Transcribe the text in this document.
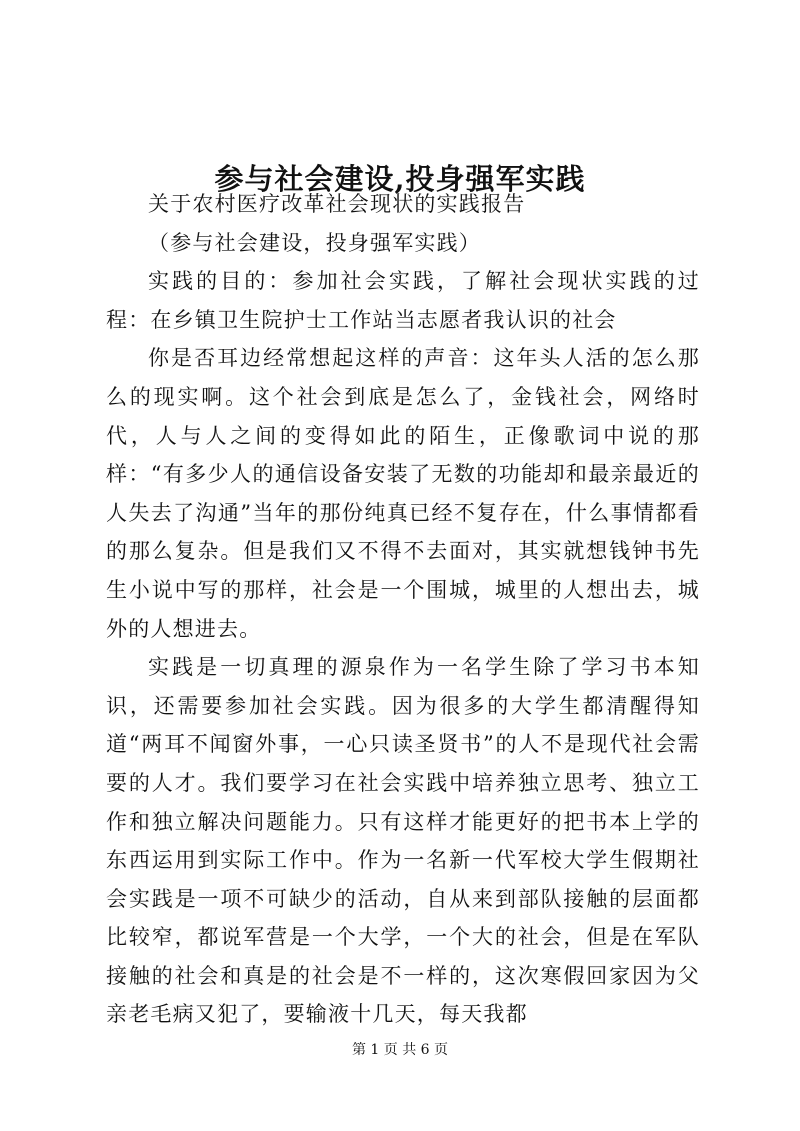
参与社会建设,投身强军实践

关于农村医疗改革社会现状的实践报告

（参与社会建设，投身强军实践）

实践的目的：参加社会实践，了解社会现状实践的过程：在乡镇卫生院护士工作站当志愿者我认识的社会

你是否耳边经常想起这样的声音：这年头人活的怎么那么的现实啊。这个社会到底是怎么了，金钱社会，网络时代，人与人之间的变得如此的陌生，正像歌词中说的那样：“有多少人的通信设备安装了无数的功能却和最亲最近的人失去了沟通”当年的那份纯真已经不复存在，什么事情都看的那么复杂。但是我们又不得不去面对，其实就想钱钟书先生小说中写的那样，社会是一个围城，城里的人想出去，城外的人想进去。

实践是一切真理的源泉作为一名学生除了学习书本知识，还需要参加社会实践。因为很多的大学生都清醒得知道“两耳不闻窗外事，一心只读圣贤书”的人不是现代社会需要的人才。我们要学习在社会实践中培养独立思考、独立工作和独立解决问题能力。只有这样才能更好的把书本上学的东西运用到实际工作中。作为一名新一代军校大学生假期社会实践是一项不可缺少的活动，自从来到部队接触的层面都比较窄，都说军营是一个大学，一个大的社会，但是在军队接触的社会和真是的社会是不一样的，这次寒假回家因为父亲老毛病又犯了，要输液十几天，每天我都

第 1 页 共 6 页
